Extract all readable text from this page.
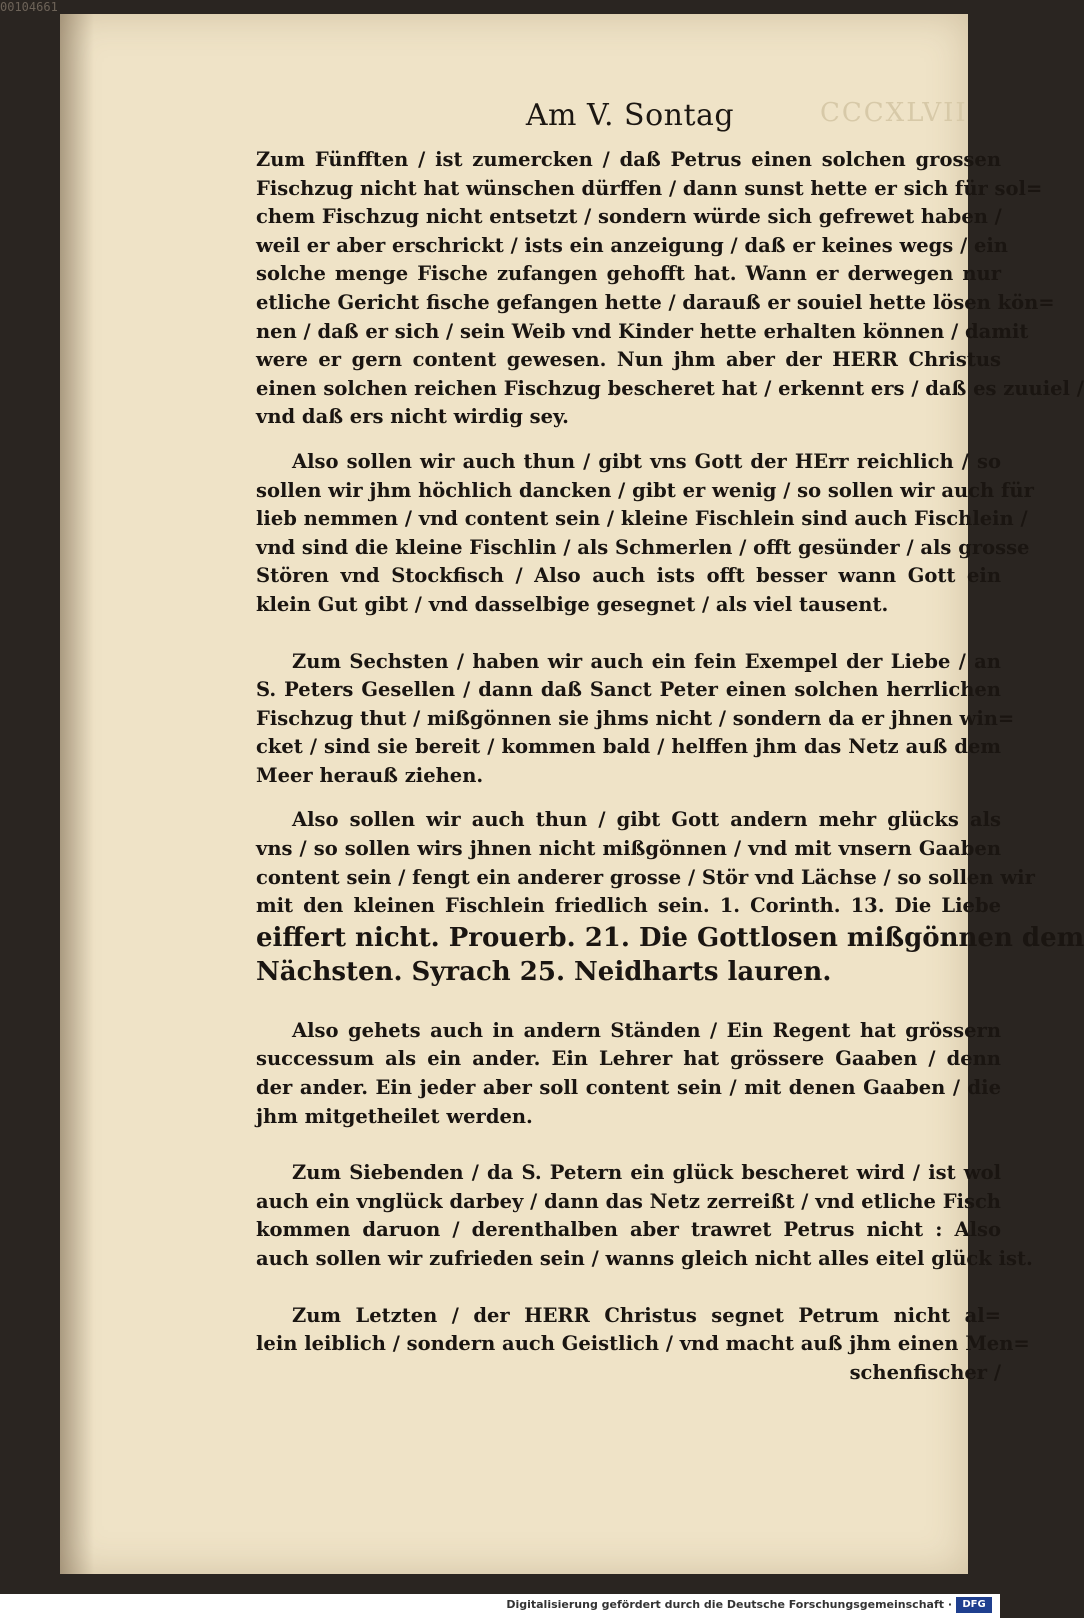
00104661
CCCXLVII
Am V. Sontag
Zum Fünfften / ist zumercken / daß Petrus einen solchen grossen
Fischzug nicht hat wünschen dürffen / dann sunst hette er sich für sol=
chem Fischzug nicht entsetzt / sondern würde sich gefrewet haben /
weil er aber erschrickt / ists ein anzeigung / daß er keines wegs / ein
solche menge Fische zufangen gehofft hat. Wann er derwegen nur
etliche Gericht fische gefangen hette / darauß er souiel hette lösen kön=
nen / daß er sich / sein Weib vnd Kinder hette erhalten können / damit
were er gern content gewesen. Nun jhm aber der HERR Christus
einen solchen reichen Fischzug bescheret hat / erkennt ers / daß es zuuiel /
vnd daß ers nicht wirdig sey.
Also sollen wir auch thun / gibt vns Gott der HErr reichlich / so
sollen wir jhm höchlich dancken / gibt er wenig / so sollen wir auch für
lieb nemmen / vnd content sein / kleine Fischlein sind auch Fischlein /
vnd sind die kleine Fischlin / als Schmerlen / offt gesünder / als grosse
Stören vnd Stockfisch / Also auch ists offt besser wann Gott ein
klein Gut gibt / vnd dasselbige gesegnet / als viel tausent.
Zum Sechsten / haben wir auch ein fein Exempel der Liebe / an
S. Peters Gesellen / dann daß Sanct Peter einen solchen herrlichen
Fischzug thut / mißgönnen sie jhms nicht / sondern da er jhnen win=
cket / sind sie bereit / kommen bald / helffen jhm das Netz auß dem
Meer herauß ziehen.
Also sollen wir auch thun / gibt Gott andern mehr glücks als
vns / so sollen wirs jhnen nicht mißgönnen / vnd mit vnsern Gaaben
content sein / fengt ein anderer grosse / Stör vnd Lächse / so sollen wir
mit den kleinen Fischlein friedlich sein. 1. Corinth. 13. Die Liebe
eiffert nicht. Prouerb. 21. Die Gottlosen mißgönnen dem
Nächsten. Syrach 25. Neidharts lauren.
Also gehets auch in andern Ständen / Ein Regent hat grössern
successum als ein ander. Ein Lehrer hat grössere Gaaben / denn
der ander. Ein jeder aber soll content sein / mit denen Gaaben / die
jhm mitgetheilet werden.
Zum Siebenden / da S. Petern ein glück bescheret wird / ist wol
auch ein vnglück darbey / dann das Netz zerreißt / vnd etliche Fisch
kommen daruon / derenthalben aber trawret Petrus nicht : Also
auch sollen wir zufrieden sein / wanns gleich nicht alles eitel glück ist.
Zum Letzten / der HERR Christus segnet Petrum nicht al=
lein leiblich / sondern auch Geistlich / vnd macht auß jhm einen Men=
schenfischer /
Digitalisierung gefördert durch die Deutsche Forschungsgemeinschaft ·	DFG
